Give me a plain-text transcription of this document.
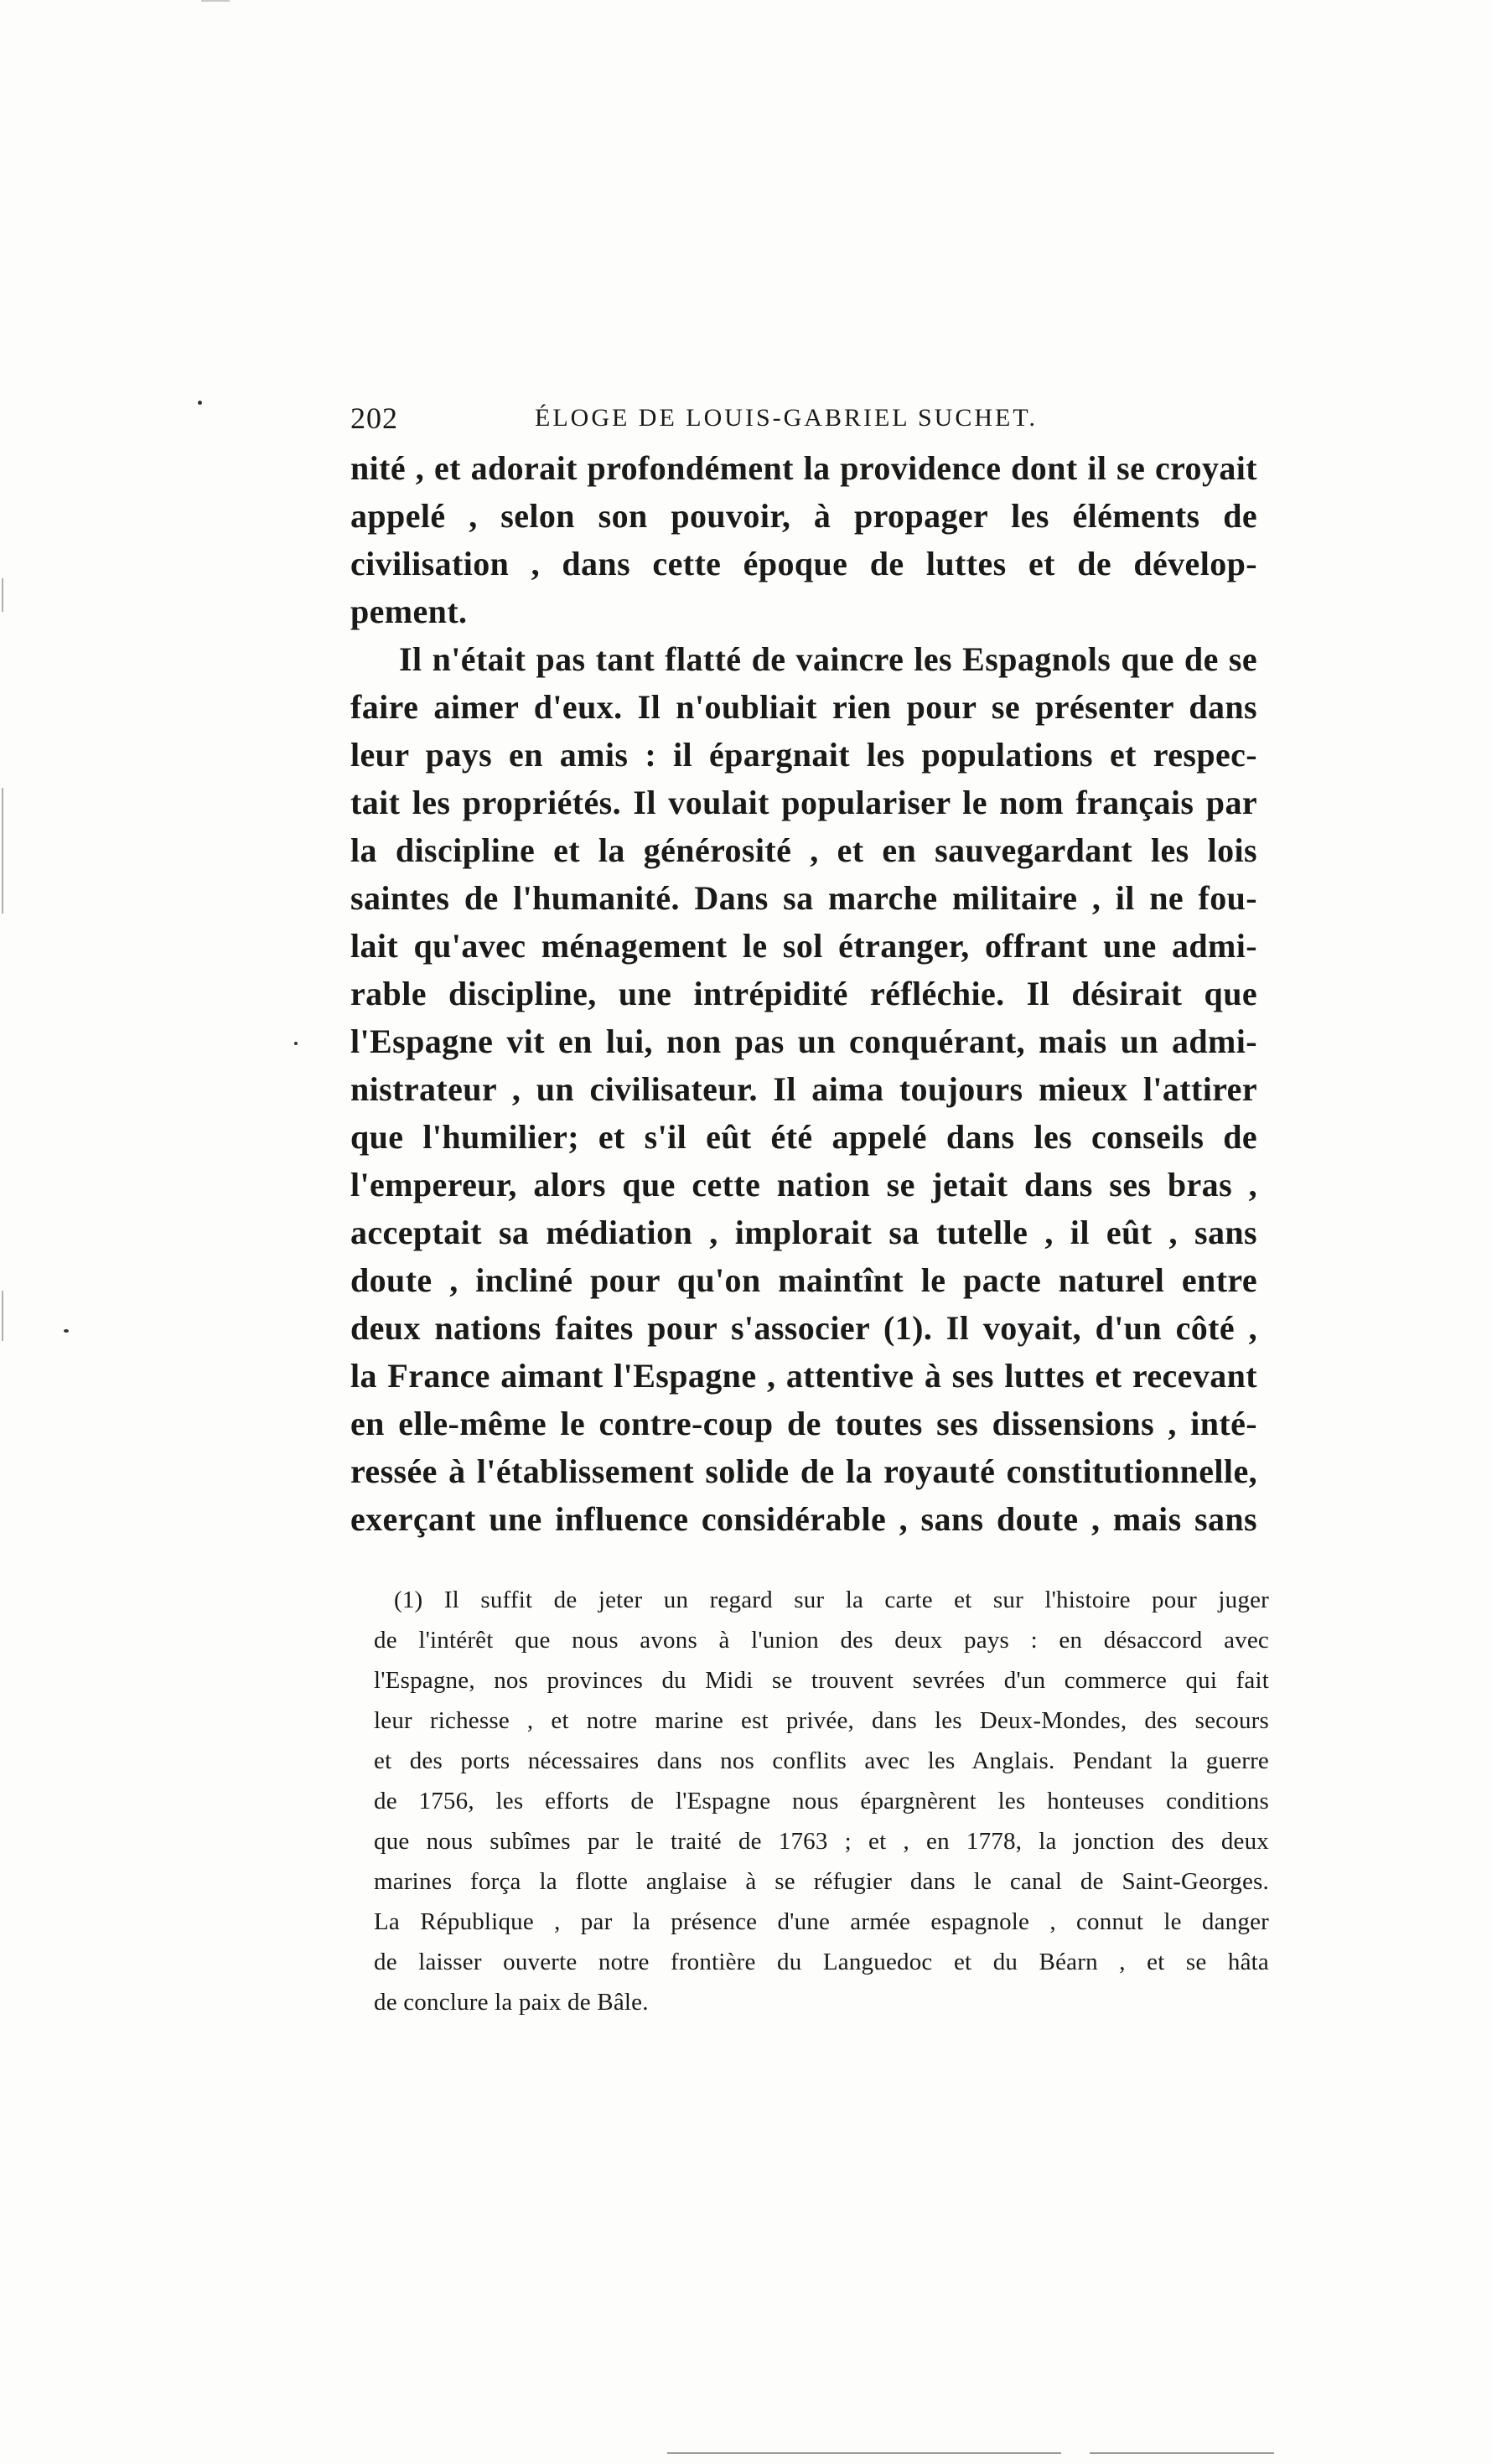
202	ÉLOGE DE LOUIS-GABRIEL SUCHET.
nité , et adorait profondément la providence dont il se croyait
appelé , selon son pouvoir, à propager les éléments de
civilisation , dans cette époque de luttes et de dévelop-
pement.
Il n'était pas tant flatté de vaincre les Espagnols que de se
faire aimer d'eux. Il n'oubliait rien pour se présenter dans
leur pays en amis : il épargnait les populations et respec-
tait les propriétés. Il voulait populariser le nom français par
la discipline et la générosité , et en sauvegardant les lois
saintes de l'humanité. Dans sa marche militaire , il ne fou-
lait qu'avec ménagement le sol étranger, offrant une admi-
rable discipline, une intrépidité réfléchie. Il désirait que
l'Espagne vit en lui, non pas un conquérant, mais un admi-
nistrateur , un civilisateur. Il aima toujours mieux l'attirer
que l'humilier; et s'il eût été appelé dans les conseils de
l'empereur, alors que cette nation se jetait dans ses bras ,
acceptait sa médiation , implorait sa tutelle , il eût , sans
doute , incliné pour qu'on maintînt le pacte naturel entre
deux nations faites pour s'associer (1). Il voyait, d'un côté ,
la France aimant l'Espagne , attentive à ses luttes et recevant
en elle-même le contre-coup de toutes ses dissensions , inté-
ressée à l'établissement solide de la royauté constitutionnelle,
exerçant une influence considérable , sans doute , mais sans
(1) Il suffit de jeter un regard sur la carte et sur l'histoire pour juger
de l'intérêt que nous avons à l'union des deux pays : en désaccord avec
l'Espagne, nos provinces du Midi se trouvent sevrées d'un commerce qui fait
leur richesse , et notre marine est privée, dans les Deux-Mondes, des secours
et des ports nécessaires dans nos conflits avec les Anglais. Pendant la guerre
de 1756, les efforts de l'Espagne nous épargnèrent les honteuses conditions
que nous subîmes par le traité de 1763 ; et , en 1778, la jonction des deux
marines força la flotte anglaise à se réfugier dans le canal de Saint-Georges.
La République , par la présence d'une armée espagnole , connut le danger
de laisser ouverte notre frontière du Languedoc et du Béarn , et se hâta
de conclure la paix de Bâle.
